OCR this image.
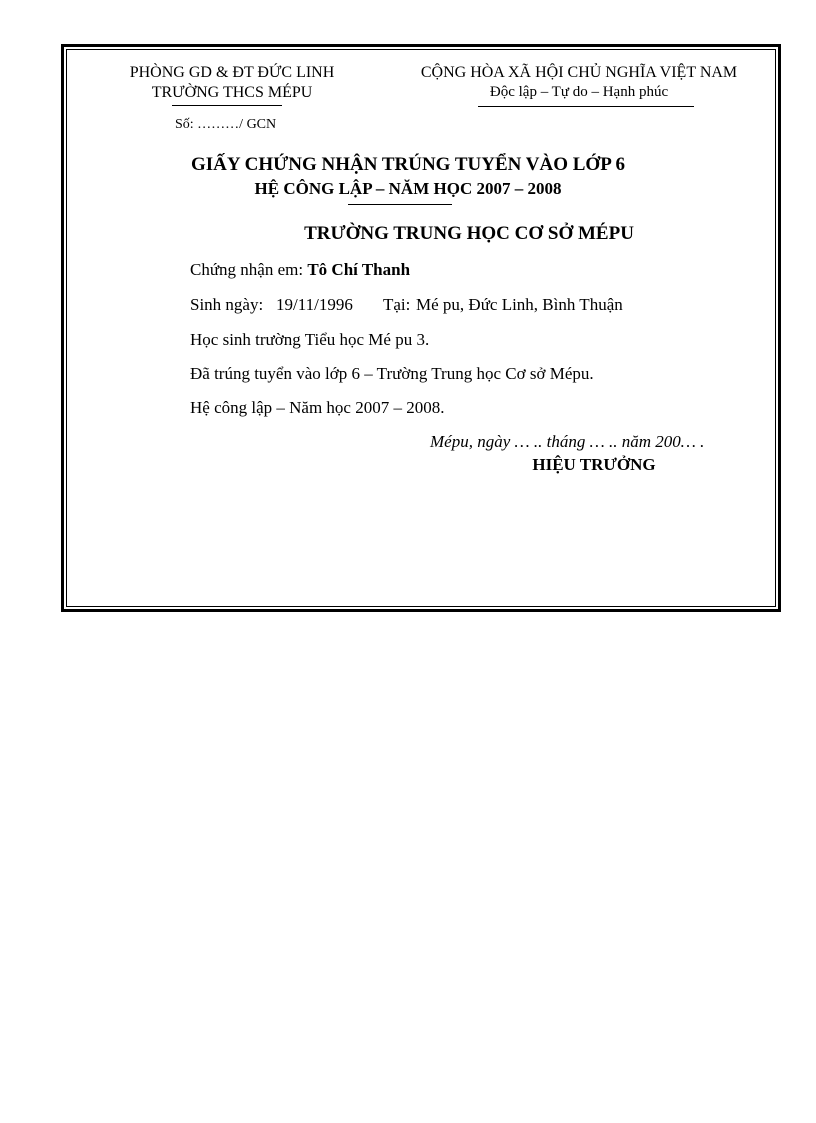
PHÒNG GD & ĐT ĐỨC LINH
TRƯỜNG THCS MÉPU
CỘNG HÒA XÃ HỘI CHỦ NGHĨA VIỆT NAM
Độc lập – Tự do – Hạnh phúc
Số: ………/ GCN
GIẤY CHỨNG NHẬN TRÚNG TUYỂN VÀO LỚP 6
HỆ CÔNG LẬP – NĂM HỌC 2007 – 2008
TRƯỜNG TRUNG HỌC CƠ SỞ MÉPU
Chứng nhận em: Tô Chí Thanh
Sinh ngày: 19/11/1996 Tại: Mé pu, Đức Linh, Bình Thuận
Học sinh trường Tiểu học Mé pu 3.
Đã trúng tuyển vào lớp 6 – Trường Trung học Cơ sở Mépu.
Hệ công lập – Năm học 2007 – 2008.
Mépu, ngày … .. tháng … .. năm 200… .
HIỆU TRƯỞNG
